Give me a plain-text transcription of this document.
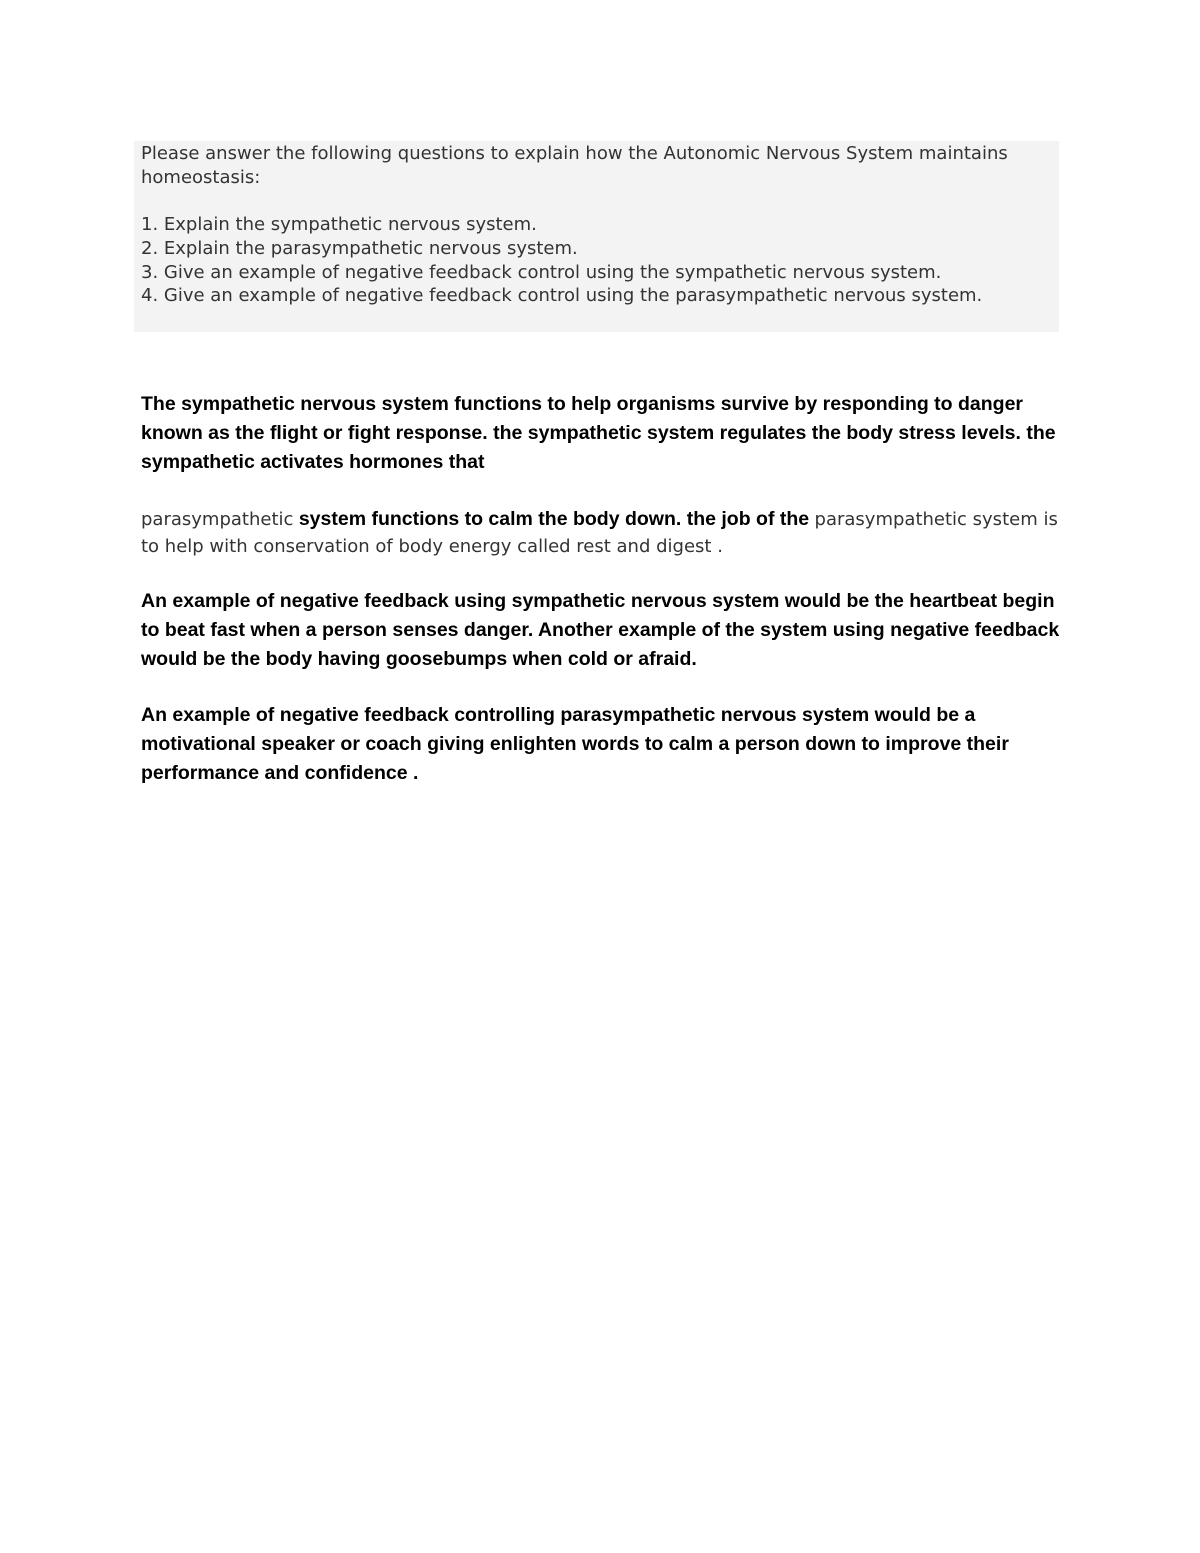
Please answer the following questions to explain how the Autonomic Nervous System maintains homeostasis:

1. Explain the sympathetic nervous system.

2. Explain the parasympathetic nervous system.

3. Give an example of negative feedback control using the sympathetic nervous system.

4. Give an example of negative feedback control using the parasympathetic nervous system.

The sympathetic nervous system functions to help organisms survive by responding to danger known as the flight or fight response. the sympathetic system regulates the body stress levels. the sympathetic activates hormones that

parasympathetic system functions to calm the body down. the job of the parasympathetic system is to help with conservation of body energy called rest and digest .

An example of negative feedback using sympathetic nervous system would be the heartbeat begin to beat fast when a person senses danger. Another example of the system using negative feedback would be the body having goosebumps when cold or afraid.

An example of negative feedback controlling parasympathetic nervous system would be a motivational speaker or coach giving enlighten words to calm a person down to improve their performance and confidence .
